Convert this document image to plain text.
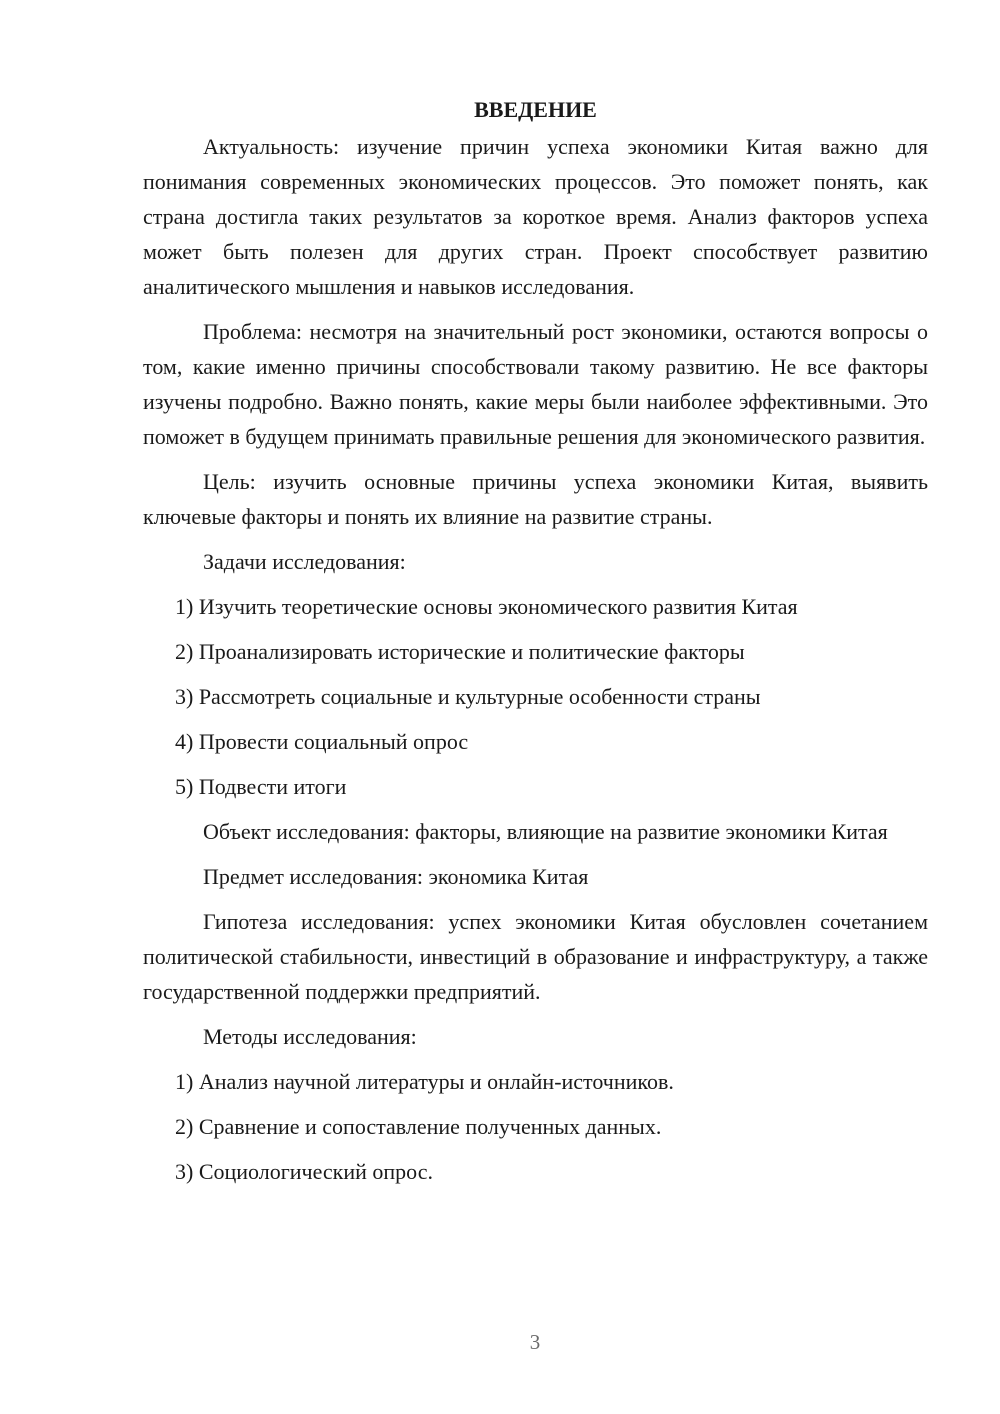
ВВЕДЕНИЕ

Актуальность: изучение причин успеха экономики Китая важно для понимания современных экономических процессов. Это поможет понять, как страна достигла таких результатов за короткое время. Анализ факторов успеха может быть полезен для других стран. Проект способствует развитию аналитического мышления и навыков исследования.

Проблема: несмотря на значительный рост экономики, остаются вопросы о том, какие именно причины способствовали такому развитию. Не все факторы изучены подробно. Важно понять, какие меры были наиболее эффективными. Это поможет в будущем принимать правильные решения для экономического развития.

Цель: изучить основные причины успеха экономики Китая, выявить ключевые факторы и понять их влияние на развитие страны.

Задачи исследования:

1) Изучить теоретические основы экономического развития Китая

2) Проанализировать исторические и политические факторы

3) Рассмотреть социальные и культурные особенности страны

4) Провести социальный опрос

5) Подвести итоги

Объект исследования: факторы, влияющие на развитие экономики Китая

Предмет исследования: экономика Китая

Гипотеза исследования: успех экономики Китая обусловлен сочетанием политической стабильности, инвестиций в образование и инфраструктуру, а также государственной поддержки предприятий.

Методы исследования:

1) Анализ научной литературы и онлайн-источников.

2) Сравнение и сопоставление полученных данных.

3) Социологический опрос.

3
